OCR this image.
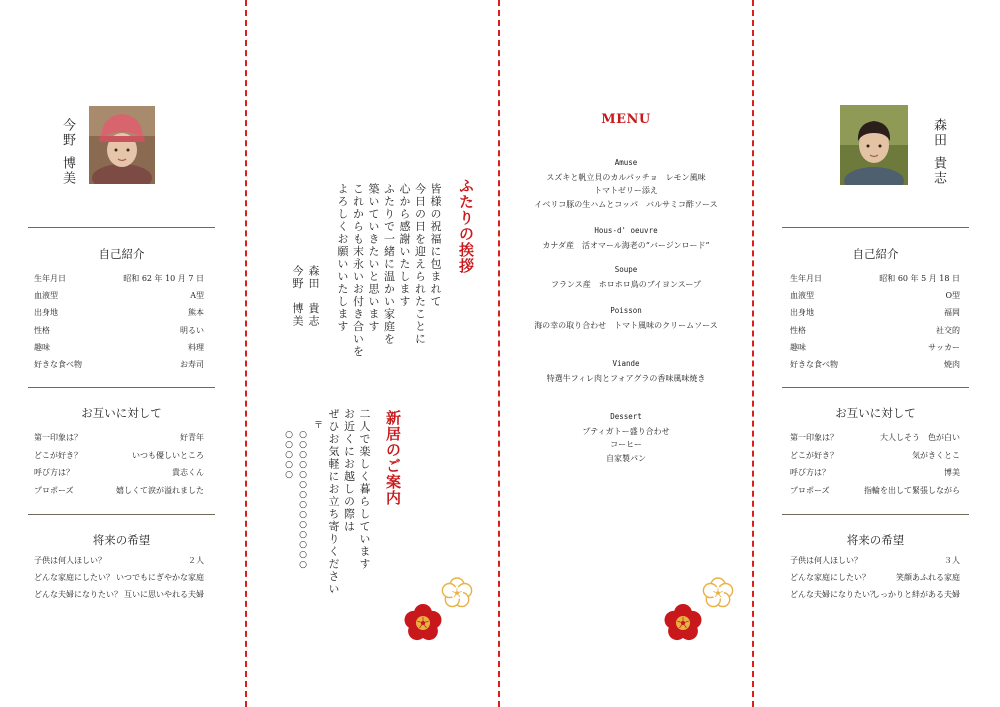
今野
博美
自己紹介
生年月日	昭和 62 年 10 月 7 日
血液型	A型
出身地	熊本
性格	明るい
趣味	料理
好きな食べ物	お寿司
お互いに対して
第一印象は？	好青年
どこが好き？	いつも優しいところ
呼び方は？	貴志くん
プロポーズ	嬉しくて涙が溢れました
将来の希望
子供は何人ほしい？	２人
どんな家庭にしたい？ いつでもにぎやかな家庭
どんな夫婦になりたい？ 互いに思いやれる夫婦
ふたりの挨拶
皆様の祝福に包まれて
今日の日を迎えられたことに
心から感謝いたします
ふたりで一緒に温かい家庭を
築いていきたいと思います
これからも末永いお付き合いを
よろしくお願いいたします
森田　貴志
今野　博美
新居のご案内
二人で楽しく暮らしています
お近くにお越しの際は
ぜひお気軽にお立ち寄りください
〒
○○○○○○○○○○○○○○
○○○○○
MENU
Amuse
スズキと帆立貝のカルパッチョ　レモン風味
トマトゼリー添え
イベリコ豚の生ハムとコッパ　バルサミコ酢ソース
Hous-d' oeuvre
カナダ産　活オマール海老の“バージンロード”
Soupe
フランス産　ホロホロ鳥のブイヨンスープ
Poisson
海の幸の取り合わせ　トマト風味のクリームソース
Viande
特選牛フィレ肉とフォアグラの香味風味焼き
Dessert
プティガトー盛り合わせ
コーヒー
自家製パン
森田
貴志
自己紹介
生年月日	昭和 60 年 5 月 18 日
血液型	O型
出身地	福岡
性格	社交的
趣味	サッカー
好きな食べ物	焼肉
お互いに対して
第一印象は？	大人しそう　色が白い
どこが好き？	気がきくとこ
呼び方は？	博美
プロポーズ	指輪を出して緊張しながら
将来の希望
子供は何人ほしい？	３人
どんな家庭にしたい？	笑顔あふれる家庭
どんな夫婦になりたい？
しっかりと絆がある夫婦
